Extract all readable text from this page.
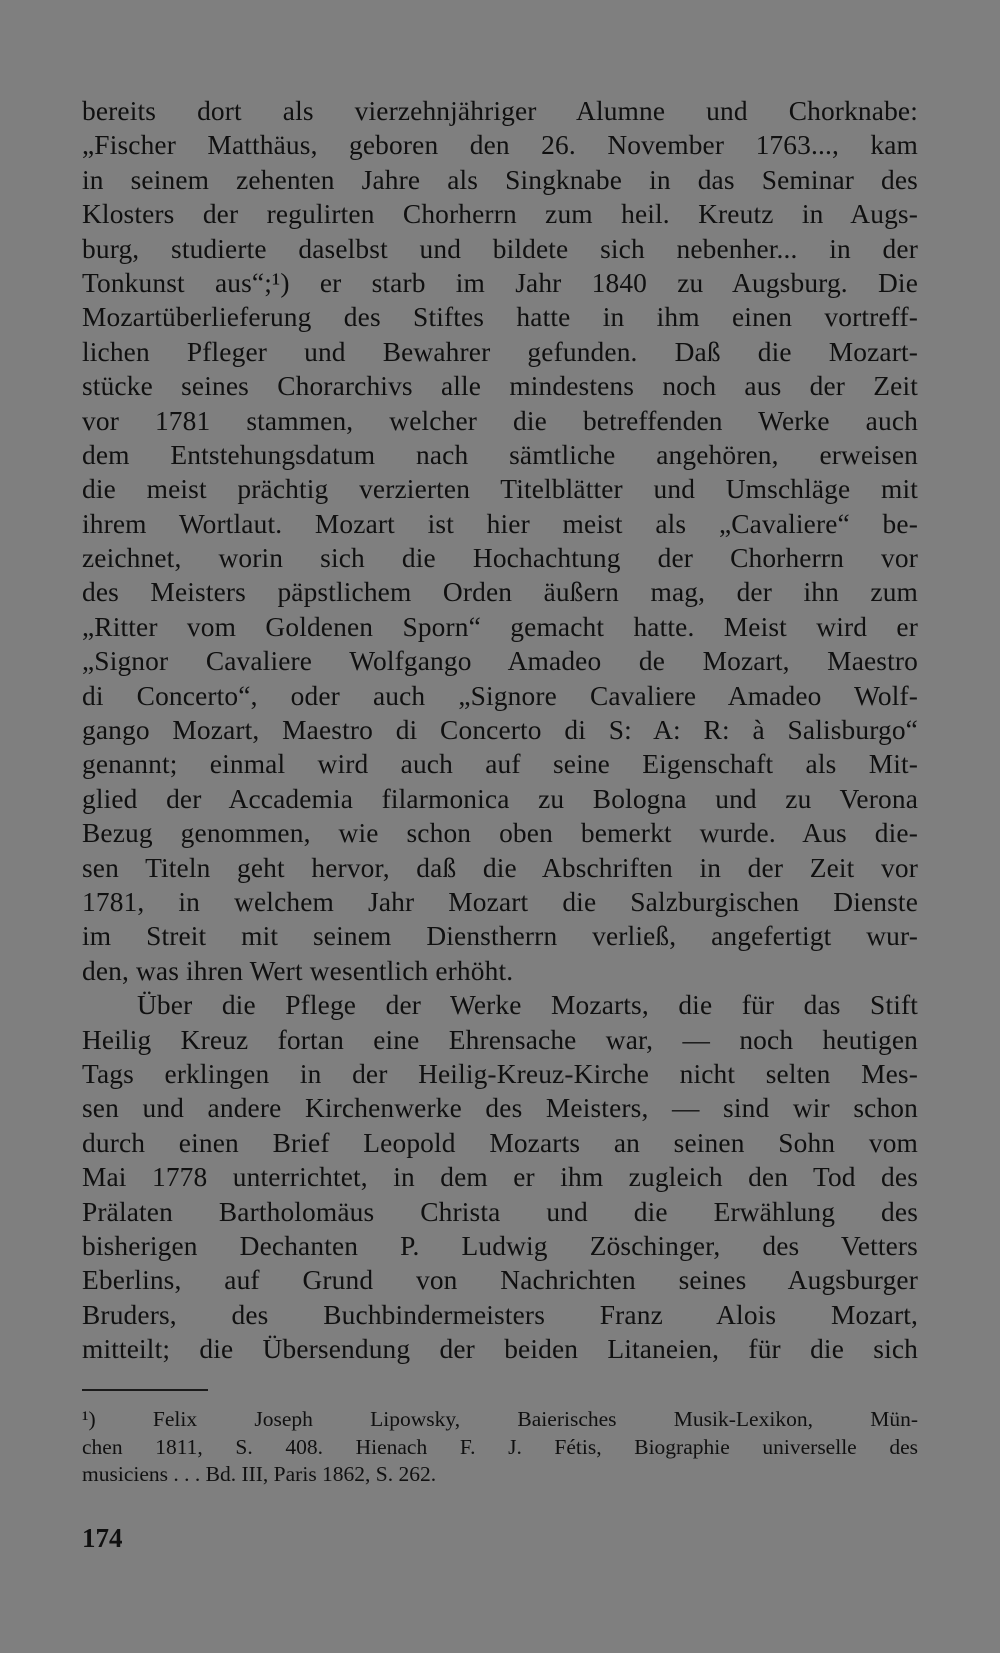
bereits dort als vierzehnjähriger Alumne und Chorknabe:
„Fischer Matthäus, geboren den 26. November 1763..., kam
in seinem zehenten Jahre als Singknabe in das Seminar des
Klosters der regulirten Chorherrn zum heil. Kreutz in Augs-
burg, studierte daselbst und bildete sich nebenher... in der
Tonkunst aus“;¹) er starb im Jahr 1840 zu Augsburg. Die
Mozartüberlieferung des Stiftes hatte in ihm einen vortreff-
lichen Pfleger und Bewahrer gefunden. Daß die Mozart-
stücke seines Chorarchivs alle mindestens noch aus der Zeit
vor 1781 stammen, welcher die betreffenden Werke auch
dem Entstehungsdatum nach sämtliche angehören, erweisen
die meist prächtig verzierten Titelblätter und Umschläge mit
ihrem Wortlaut. Mozart ist hier meist als „Cavaliere“ be-
zeichnet, worin sich die Hochachtung der Chorherrn vor
des Meisters päpstlichem Orden äußern mag, der ihn zum
„Ritter vom Goldenen Sporn“ gemacht hatte. Meist wird er
„Signor Cavaliere Wolfgango Amadeo de Mozart, Maestro
di Concerto“, oder auch „Signore Cavaliere Amadeo Wolf-
gango Mozart, Maestro di Concerto di S: A: R: à Salisburgo“
genannt; einmal wird auch auf seine Eigenschaft als Mit-
glied der Accademia filarmonica zu Bologna und zu Verona
Bezug genommen, wie schon oben bemerkt wurde. Aus die-
sen Titeln geht hervor, daß die Abschriften in der Zeit vor
1781, in welchem Jahr Mozart die Salzburgischen Dienste
im Streit mit seinem Dienstherrn verließ, angefertigt wur-
den, was ihren Wert wesentlich erhöht.
Über die Pflege der Werke Mozarts, die für das Stift
Heilig Kreuz fortan eine Ehrensache war, — noch heutigen
Tags erklingen in der Heilig-Kreuz-Kirche nicht selten Mes-
sen und andere Kirchenwerke des Meisters, — sind wir schon
durch einen Brief Leopold Mozarts an seinen Sohn vom
Mai 1778 unterrichtet, in dem er ihm zugleich den Tod des
Prälaten Bartholomäus Christa und die Erwählung des
bisherigen Dechanten P. Ludwig Zöschinger, des Vetters
Eberlins, auf Grund von Nachrichten seines Augsburger
Bruders, des Buchbindermeisters Franz Alois Mozart,
mitteilt; die Übersendung der beiden Litaneien, für die sich
¹) Felix Joseph Lipowsky, Baierisches Musik-Lexikon, Mün-
chen 1811, S. 408. Hienach F. J. Fétis, Biographie universelle des
musiciens . . . Bd. III, Paris 1862, S. 262.
174
